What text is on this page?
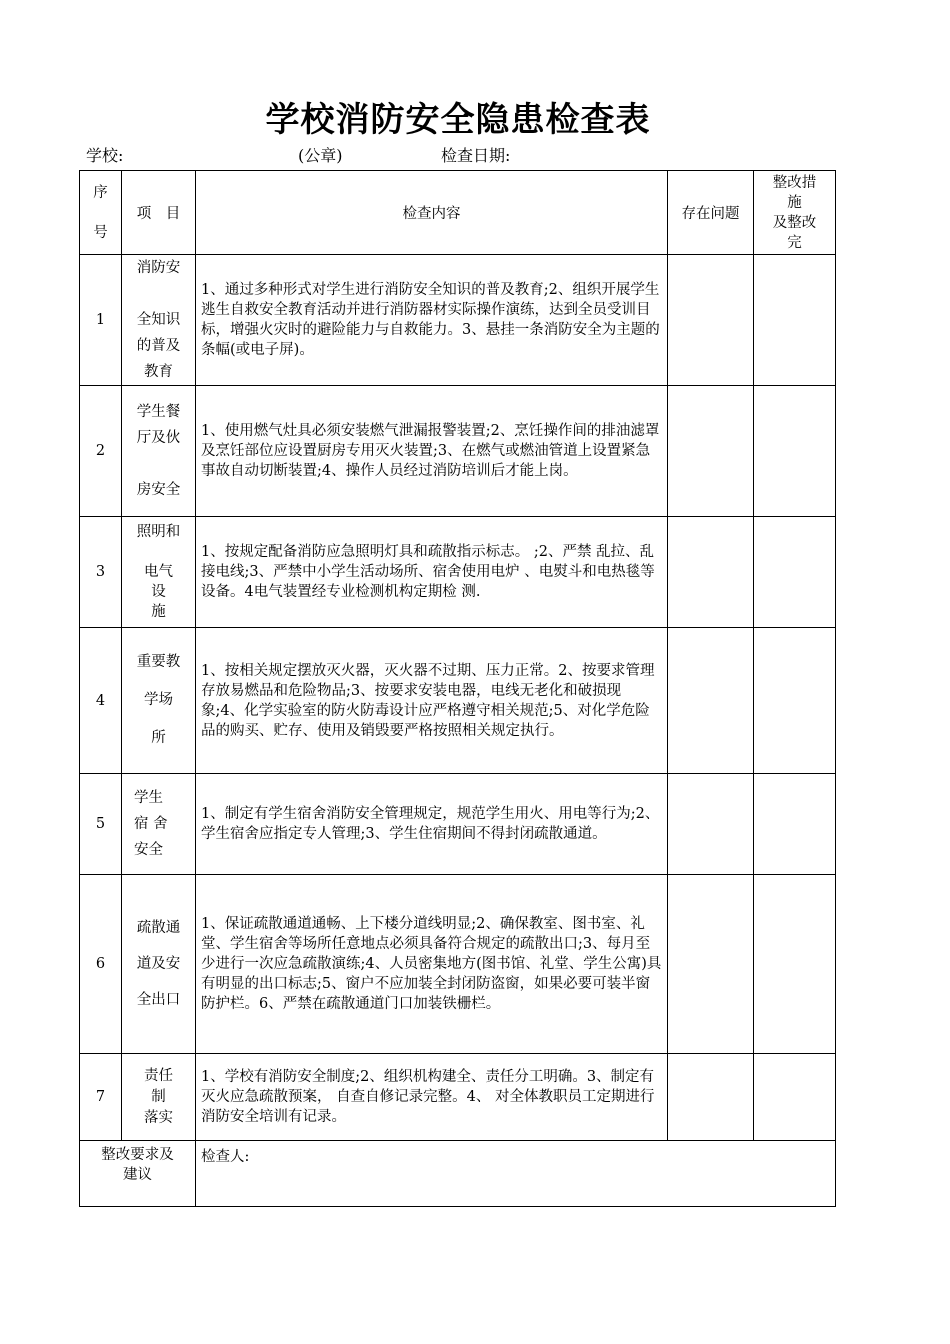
学校消防安全隐患检查表
学校:	(公章)	检查日期:
序

号	项　目	检查内容	存在问题	整改措
施
及整改
完
1	消防安

全知识
的普及
教育	1、通过多种形式对学生进行消防安全知识的普及教育;2、组织开展学生逃生自救安全教育活动并进行消防器材实际操作演练，达到全员受训目标，增强火灾时的避险能力与自救能力。3、悬挂一条消防安全为主题的条幅(或电子屏)。		
2	学生餐
厅及伙

房安全	1、使用燃气灶具必须安装燃气泄漏报警装置;2、烹饪操作间的排油滤罩及烹饪部位应设置厨房专用灭火装置;3、在燃气或燃油管道上设置紧急事故自动切断装置;4、操作人员经过消防培训后才能上岗。		
3	照明和

电气
设
施	1、按规定配备消防应急照明灯具和疏散指示标志。 ;2、严禁 乱拉、乱接电线;3、严禁中小学生活动场所、宿舍使用电炉 、电熨斗和电热毯等设备。4电气装置经专业检测机构定期检 测.		
4	重要教

学场

所	1、按相关规定摆放灭火器，灭火器不过期、压力正常。2、按要求管理存放易燃品和危险物品;3、按要求安装电器，电线无老化和破损现象;4、化学实验室的防火防毒设计应严格遵守相关规范;5、对化学危险品的购买、贮存、使用及销毁要严格按照相关规定执行。		
5	学生
宿 舍
安全	1、制定有学生宿舍消防安全管理规定，规范学生用火、用电等行为;2、学生宿舍应指定专人管理;3、学生住宿期间不得封闭疏散通道。		
6	疏散通
道及安
全出口	1、保证疏散通道通畅、上下楼分道线明显;2、确保教室、图书室、礼堂、学生宿舍等场所任意地点必须具备符合规定的疏散出口;3、每月至少进行一次应急疏散演练;4、人员密集地方(图书馆、礼堂、学生公寓)具有明显的出口标志;5、窗户不应加装全封闭防盗窗，如果必要可装半窗防护栏。6、严禁在疏散通道门口加装铁栅栏。		
7	责任
制
落实	1、学校有消防安全制度;2、组织机构建全、责任分工明确。3、制定有灭火应急疏散预案， 自查自修记录完整。4、 对全体教职员工定期进行消防安全培训有记录。		
整改要求及
建议		检查人:		
